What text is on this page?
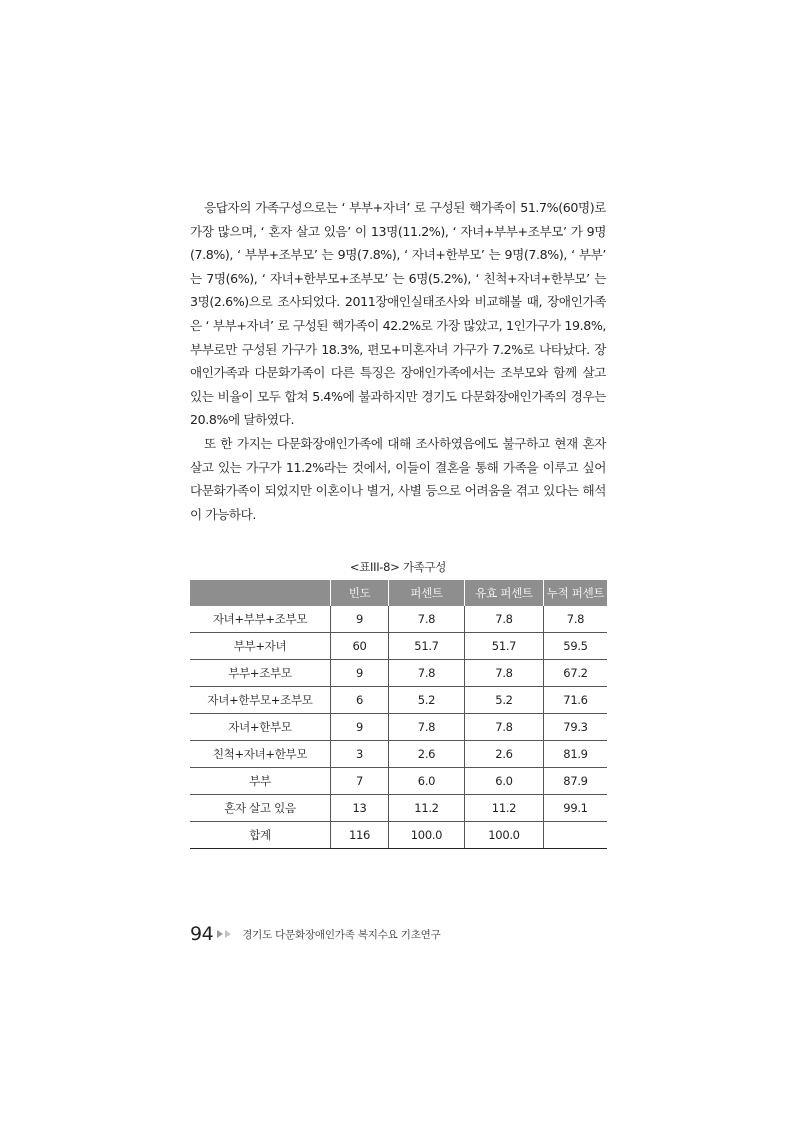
응답자의 가족구성으로는 ‘ 부부+자녀’ 로 구성된 핵가족이 51.7%(60명)로 가장 많으며, ‘ 혼자 살고 있음’ 이 13명(11.2%), ‘ 자녀+부부+조부모’ 가 9명(7.8%), ‘ 부부+조부모’ 는 9명(7.8%), ‘ 자녀+한부모’ 는 9명(7.8%), ‘ 부부’ 는 7명(6%), ‘ 자녀+한부모+조부모’ 는 6명(5.2%), ‘ 친척+자녀+한부모’ 는 3명(2.6%)으로 조사되었다. 2011장애인실태조사와 비교해볼 때, 장애인가족은 ‘ 부부+자녀’ 로 구성된 핵가족이 42.2%로 가장 많았고, 1인가구가 19.8%, 부부로만 구성된 가구가 18.3%, 편모+미혼자녀 가구가 7.2%로 나타났다. 장애인가족과 다문화가족이 다른 특징은 장애인가족에서는 조부모와 함께 살고 있는 비율이 모두 합쳐 5.4%에 불과하지만 경기도 다문화장애인가족의 경우는 20.8%에 달하였다.

또 한 가지는 다문화장애인가족에 대해 조사하였음에도 불구하고 현재 혼자 살고 있는 가구가 11.2%라는 것에서, 이들이 결혼을 통해 가족을 이루고 싶어 다문화가족이 되었지만 이혼이나 별거, 사별 등으로 어려움을 겪고 있다는 해석이 가능하다.

<표III-8> 가족구성
	빈도	퍼센트	유효 퍼센트	누적 퍼센트
자녀+부부+조부모	9	7.8	7.8	7.8
부부+자녀	60	51.7	51.7	59.5
부부+조부모	9	7.8	7.8	67.2
자녀+한부모+조부모	6	5.2	5.2	71.6
자녀+한부모	9	7.8	7.8	79.3
친척+자녀+한부모	3	2.6	2.6	81.9
부부	7	6.0	6.0	87.9
혼자 살고 있음	13	11.2	11.2	99.1
합계	116	100.0	100.0	
94	경기도 다문화장애인가족 복지수요 기초연구
